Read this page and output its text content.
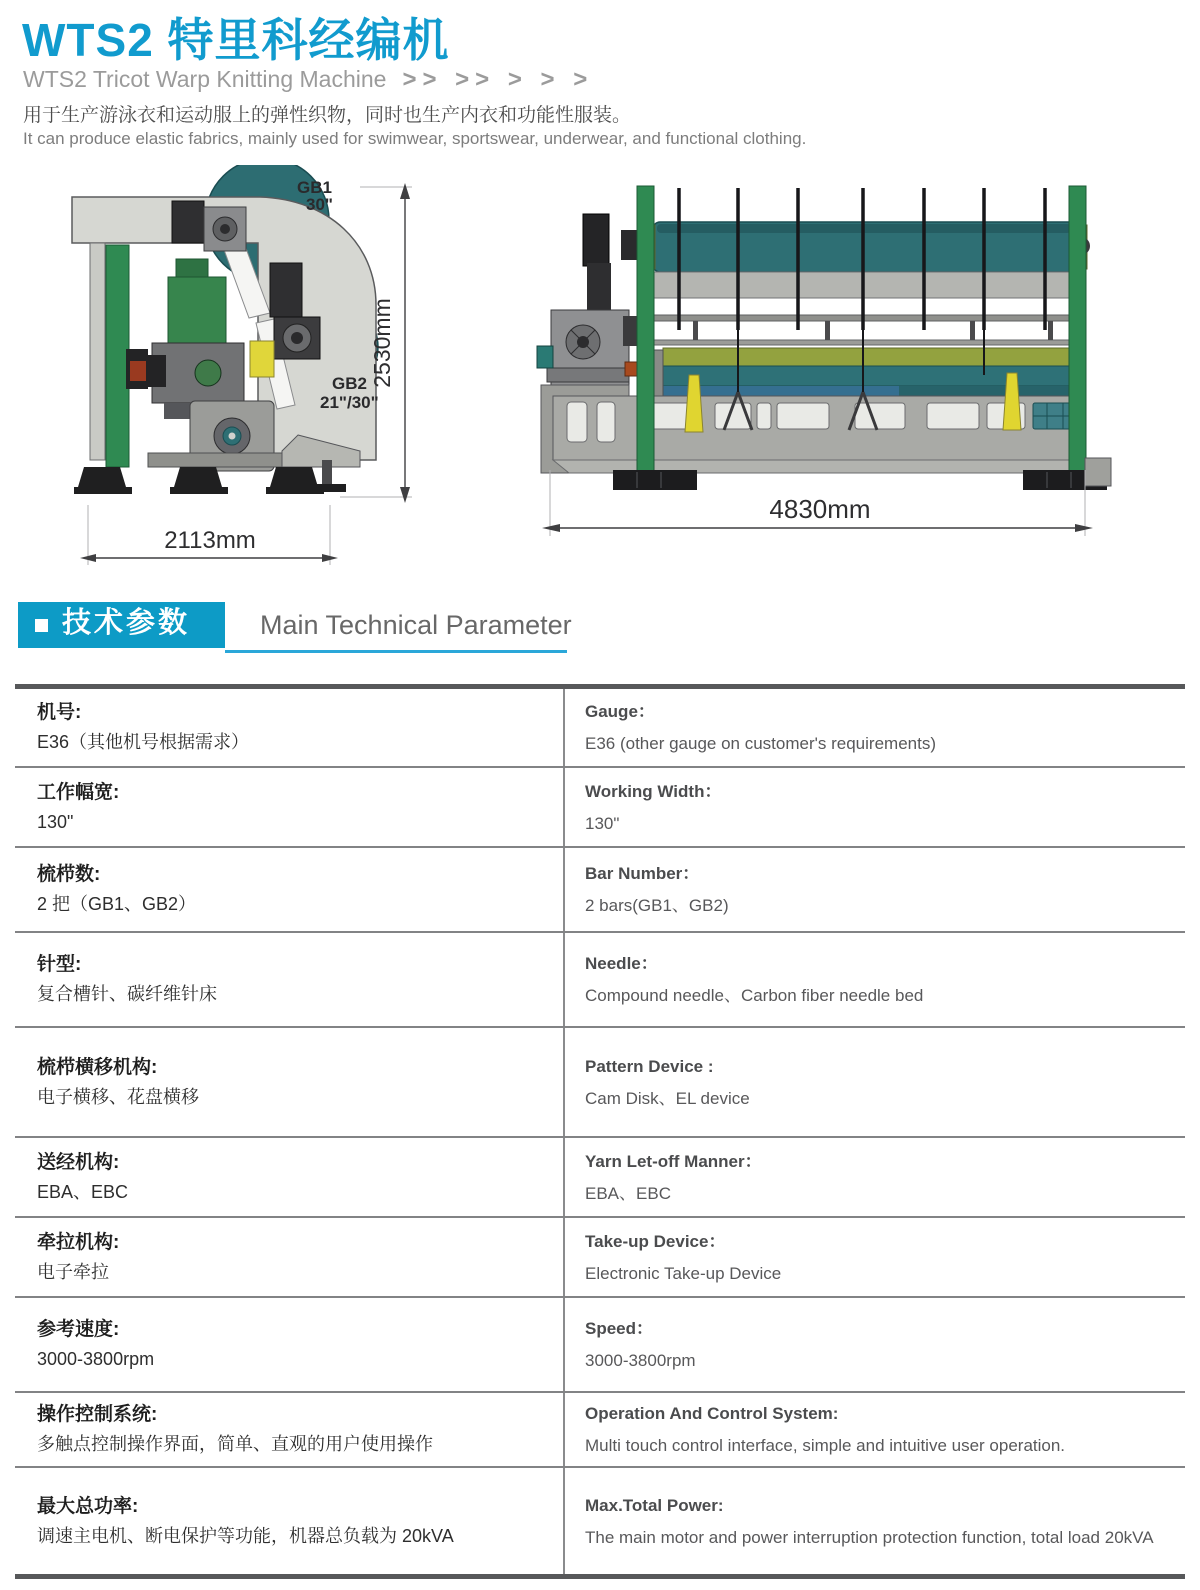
WTS2 特里科经编机
WTS2 Tricot Warp Knitting Machine >> >> > > >

用于生产游泳衣和运动服上的弹性织物，同时也生产内衣和功能性服装。

It can produce elastic fabrics, mainly used for swimwear, sportswear, underwear, and functional clothing.

2530mm
2113mm
GB1
30"
GB2
21"/30"
4830mm
技术参数	Main Technical Parameter
机号:
E36（其他机号根据需求）
Gauge：
E36 (other gauge on customer's requirements)
工作幅宽:
130"
Working Width：
130"
梳栉数:
2 把（GB1、GB2）
Bar Number：
2 bars(GB1、GB2)
针型:
复合槽针、碳纤维针床
Needle：
Compound needle、Carbon fiber needle bed
梳栉横移机构:
电子横移、花盘横移
Pattern Device :
Cam Disk、EL device
送经机构:
EBA、EBC
Yarn Let-off Manner：
EBA、EBC
牵拉机构:
电子牵拉
Take-up Device：
Electronic Take-up Device
参考速度:
3000-3800rpm
Speed：
3000-3800rpm
操作控制系统:
多触点控制操作界面，简单、直观的用户使用操作
Operation And Control System:
Multi touch control interface, simple and intuitive user operation.
最大总功率:
调速主电机、断电保护等功能，机器总负载为 20kVA
Max.Total Power:
The main motor and power interruption protection function, total load 20kVA
